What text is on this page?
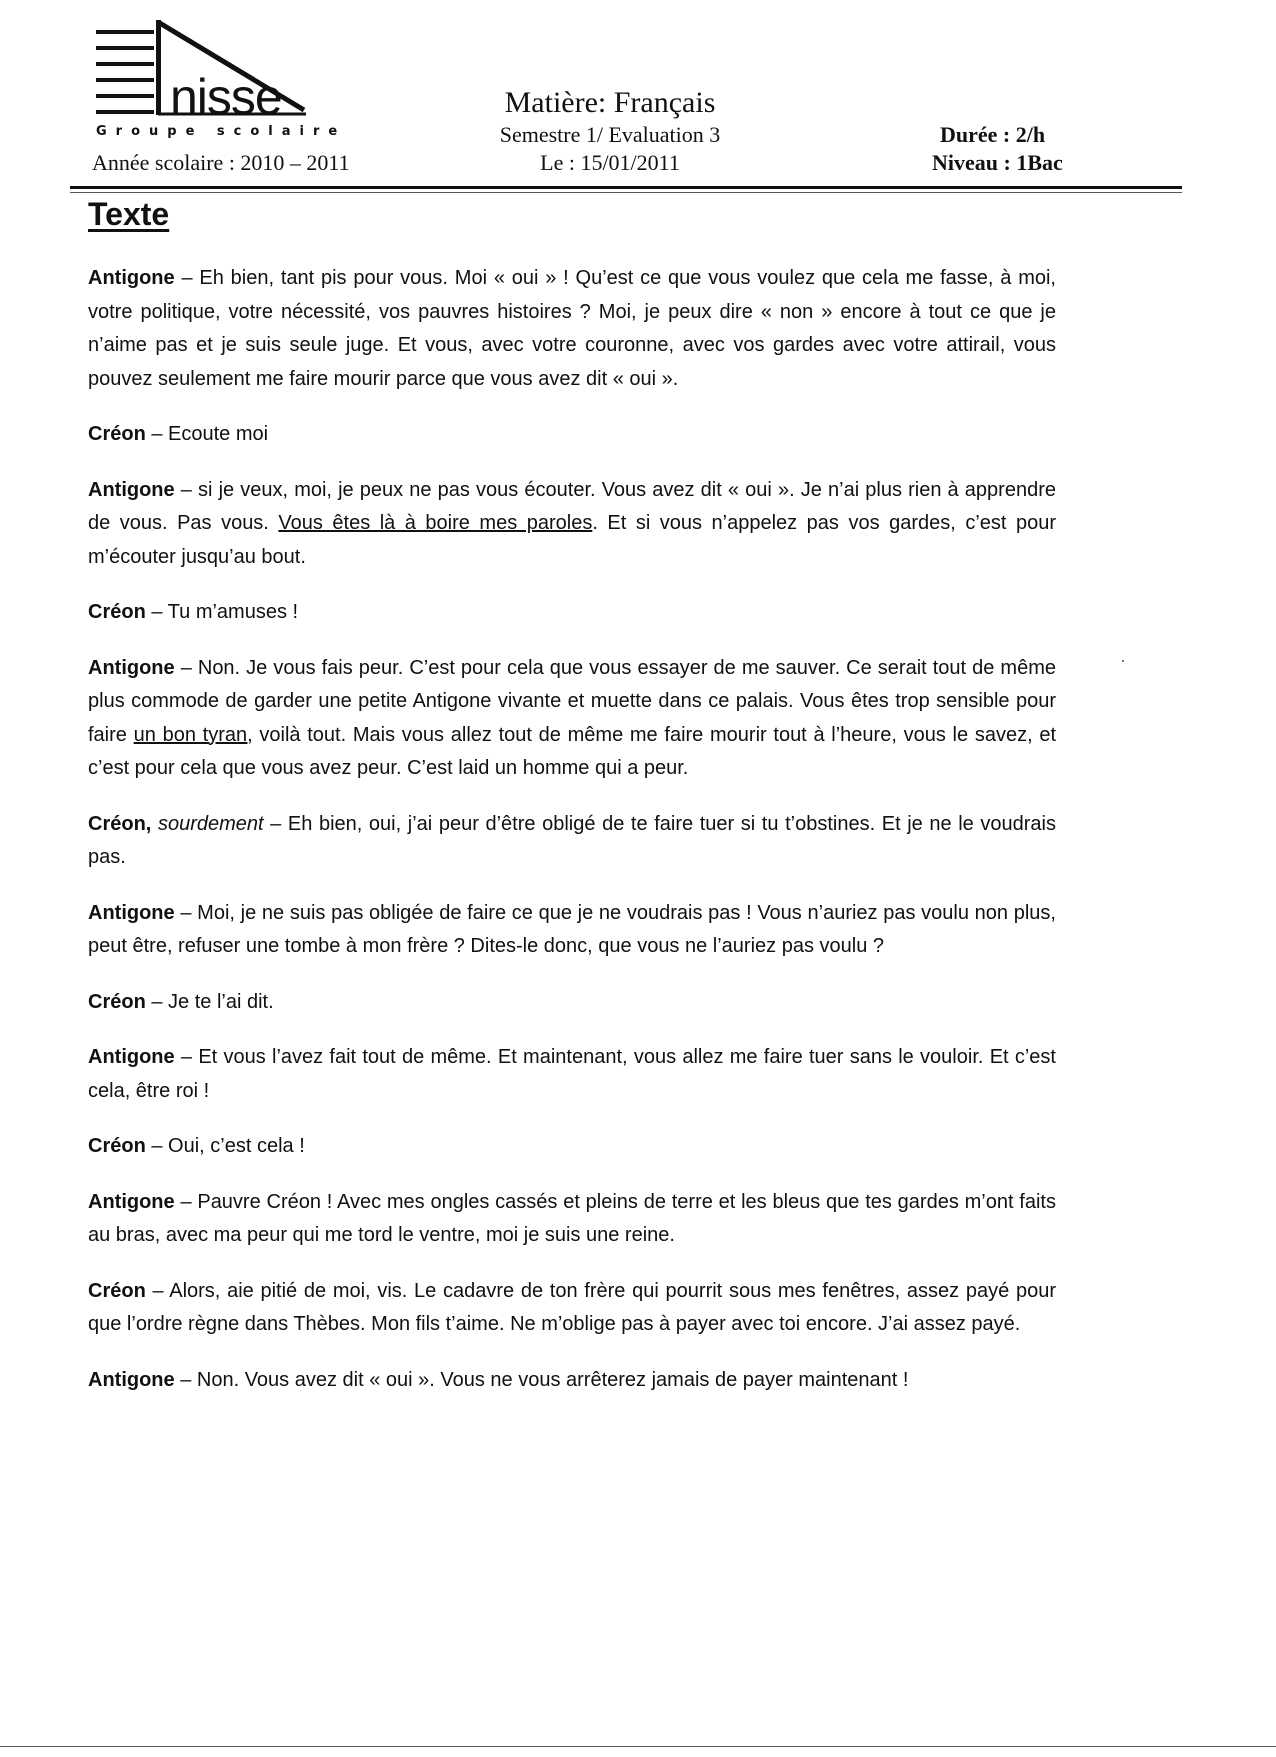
nisse
Groupe scolaire
Année scolaire : 2010 – 2011
Matière: Français
Semestre 1/ Evaluation 3
Le : 15/01/2011
Durée : 2/h
Niveau : 1Bac
Texte

Antigone – Eh bien, tant pis pour vous. Moi « oui » ! Qu’est ce que vous voulez que cela me fasse, à moi, votre politique, votre nécessité, vos pauvres histoires ? Moi, je peux dire « non » encore à tout ce que je n’aime pas et je suis seule juge. Et vous, avec votre couronne, avec vos gardes avec votre attirail, vous pouvez seulement me faire mourir parce que vous avez dit « oui ».

Créon – Ecoute moi

Antigone – si je veux, moi, je peux ne pas vous écouter. Vous avez dit « oui ». Je n’ai plus rien à apprendre de vous. Pas vous. Vous êtes là à boire mes paroles. Et si vous n’appelez pas vos gardes, c’est pour m’écouter jusqu’au bout.

Créon – Tu m’amuses !

Antigone – Non. Je vous fais peur. C’est pour cela que vous essayer de me sauver. Ce serait tout de même plus commode de garder une petite Antigone vivante et muette dans ce palais. Vous êtes trop sensible pour faire un bon tyran, voilà tout. Mais vous allez tout de même me faire mourir tout à l’heure, vous le savez, et c’est pour cela que vous avez peur. C’est laid un homme qui a peur.

Créon, sourdement – Eh bien, oui, j’ai peur d’être obligé de te faire tuer si tu t’obstines. Et je ne le voudrais pas.

Antigone – Moi, je ne suis pas obligée de faire ce que je ne voudrais pas ! Vous n’auriez pas voulu non plus, peut être, refuser une tombe à mon frère ? Dites-le donc, que vous ne l’auriez pas voulu ?

Créon – Je te l’ai dit.

Antigone – Et vous l’avez fait tout de même. Et maintenant, vous allez me faire tuer sans le vouloir. Et c’est cela, être roi !

Créon – Oui, c’est cela !

Antigone – Pauvre Créon ! Avec mes ongles cassés et pleins de terre et les bleus que tes gardes m’ont faits au bras, avec ma peur qui me tord le ventre, moi je suis une reine.

Créon – Alors, aie pitié de moi, vis. Le cadavre de ton frère qui pourrit sous mes fenêtres, assez payé pour que l’ordre règne dans Thèbes. Mon fils t’aime. Ne m’oblige pas à payer avec toi encore. J’ai assez payé.

Antigone – Non. Vous avez dit « oui ». Vous ne vous arrêterez jamais de payer maintenant !
